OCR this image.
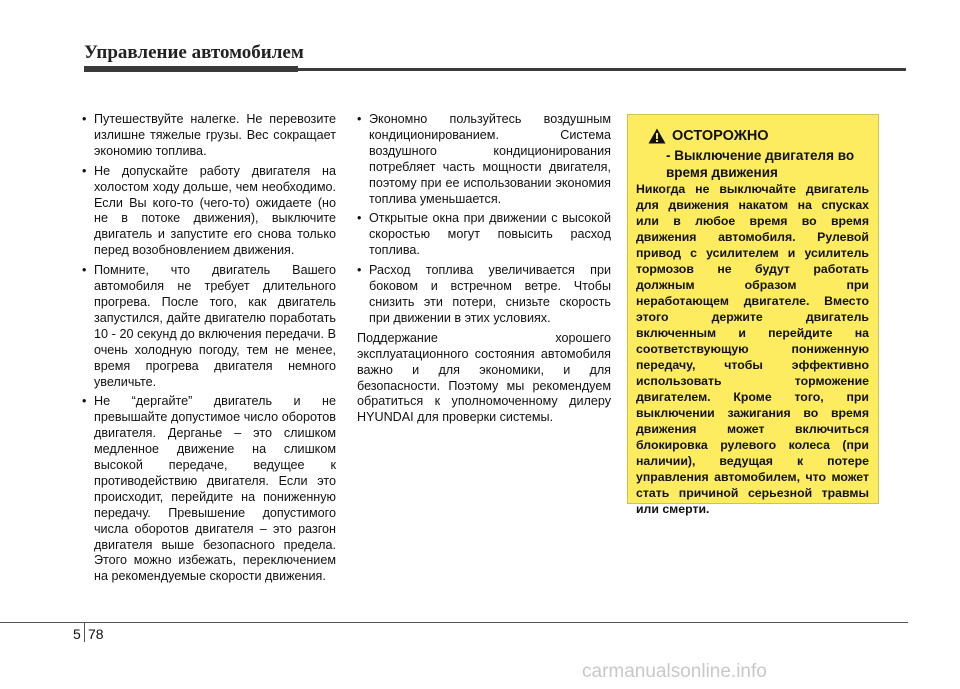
Управление автомобилем
• Путешествуйте налегке. Не перевозите излишне тяжелые грузы. Вес сокращает экономию топлива.
• Не допускайте работу двигателя на холостом ходу дольше, чем необходимо. Если Вы кого-то (чего-то) ожидаете (но не в потоке движения), выключите двигатель и запустите его снова только перед возобновлением движения.
• Помните, что двигатель Вашего автомобиля не требует длительного прогрева. После того, как двигатель запустился, дайте двигателю поработать 10 - 20 секунд до включения передачи. В очень холодную погоду, тем не менее, время прогрева двигателя немного увеличьте.
• Не “дергайте” двигатель и не превышайте допустимое число оборотов двигателя. Дерганье – это слишком медленное движение на слишком высокой передаче, ведущее к противодействию двигателя. Если это происходит, перейдите на пониженную передачу. Превышение допустимого числа оборотов двигателя – это разгон двигателя выше безопасного предела. Этого можно избежать, переключением на рекомендуемые скорости движения.
• Экономно пользуйтесь воздушным кондиционированием. Система воздушного кондиционирования потребляет часть мощности двигателя, поэтому при ее использовании экономия топлива уменьшается.
• Открытые окна при движении с высокой скоростью могут повысить расход топлива.
• Расход топлива увеличивается при боковом и встречном ветре. Чтобы снизить эти потери, снизьте скорость при движении в этих условиях.

Поддержание хорошего эксплуатационного состояния автомобиля важно и для экономики, и для безопасности. Поэтому мы рекомендуем обратиться к уполномоченному дилеру HYUNDAI для проверки системы.

ОСТОРОЖНО
- Выключение двигателя во время движения

Никогда не выключайте двигатель для движения накатом на спусках или в любое время во время движения автомобиля. Рулевой привод с усилителем и усилитель тормозов не будут работать должным образом при неработающем двигателе. Вместо этого держите двигатель включенным и перейдите на соответствующую пониженную передачу, чтобы эффективно использовать торможение двигателем. Кроме того, при выключении зажигания во время движения может включиться блокировка рулевого колеса (при наличии), ведущая к потере управления автомобилем, что может стать причиной серьезной травмы или смерти.

5 78
carmanualsonline.info
